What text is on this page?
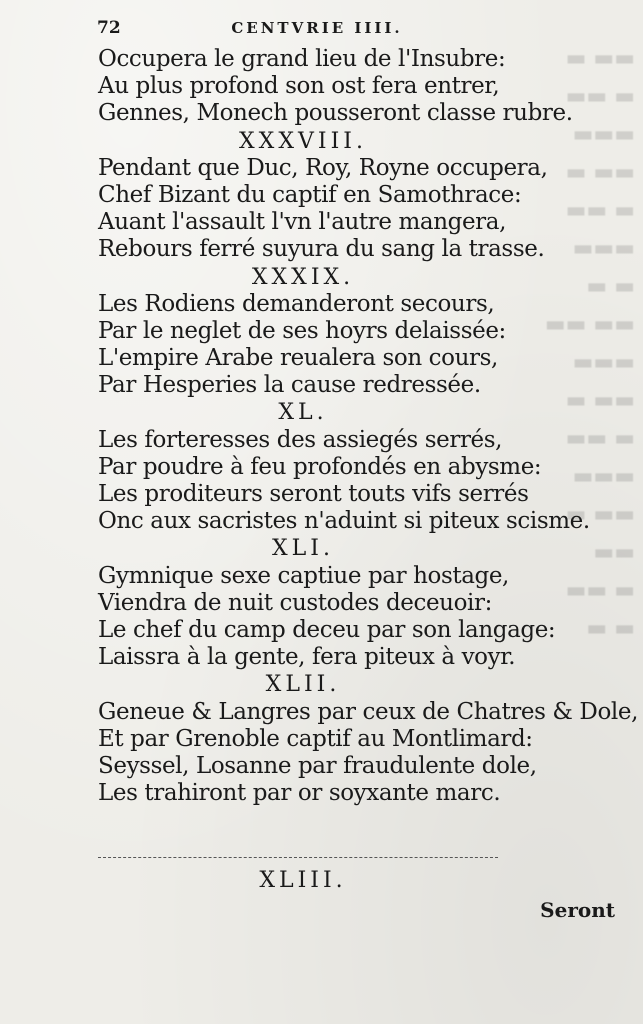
▬ ▬▬
▬▬ ▬
▬▬▬
▬ ▬▬
▬▬ ▬
▬▬▬
▬ ▬
▬▬ ▬▬
▬▬▬
▬ ▬▬
▬▬ ▬
▬▬▬
▬ ▬▬
▬▬
▬▬ ▬
▬ ▬
72	CENTVRIE IIII.
Occupera le grand lieu de l'Insubre:
Au plus profond son ost fera entrer,
Gennes, Monech pousseront classe rubre.
XXXVIII.
Pendant que Duc, Roy, Royne occupera,
Chef Bizant du captif en Samothrace:
Auant l'assault l'vn l'autre mangera,
Rebours ferré suyura du sang la trasse.
XXXIX.
Les Rodiens demanderont secours,
Par le neglet de ses hoyrs delaissée:
L'empire Arabe reualera son cours,
Par Hesperies la cause redressée.
XL.
Les forteresses des assiegés serrés,
Par poudre à feu profondés en abysme:
Les proditeurs seront touts vifs serrés
Onc aux sacristes n'aduint si piteux scisme.
XLI.
Gymnique sexe captiue par hostage,
Viendra de nuit custodes deceuoir:
Le chef du camp deceu par son langage:
Laissra à la gente, fera piteux à voyr.
XLII.
Geneue & Langres par ceux de Chatres & Dole,
Et par Grenoble captif au Montlimard:
Seyssel, Losanne par fraudulente dole,
Les trahiront par or soyxante marc.
XLIII.
Seront
